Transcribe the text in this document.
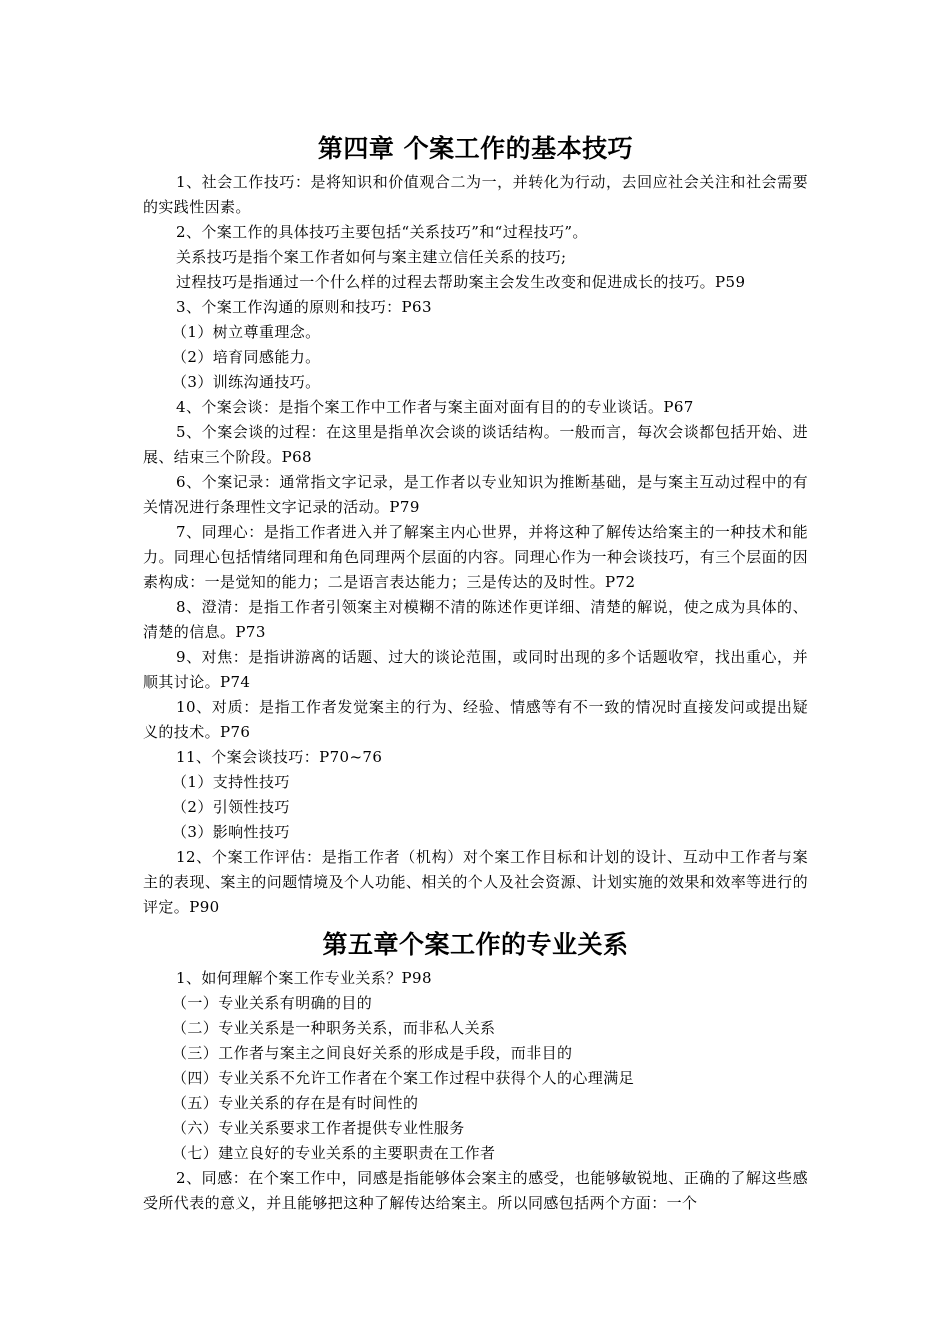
第四章 个案工作的基本技巧

1、社会工作技巧：是将知识和价值观合二为一，并转化为行动，去回应社会关注和社会需要的实践性因素。

2、个案工作的具体技巧主要包括“关系技巧”和“过程技巧”。

关系技巧是指个案工作者如何与案主建立信任关系的技巧;

过程技巧是指通过一个什么样的过程去帮助案主会发生改变和促进成长的技巧。P59

3、个案工作沟通的原则和技巧：P63

（1）树立尊重理念。

（2）培育同感能力。

（3）训练沟通技巧。

4、个案会谈：是指个案工作中工作者与案主面对面有目的的专业谈话。P67

5、个案会谈的过程：在这里是指单次会谈的谈话结构。一般而言，每次会谈都包括开始、进展、结束三个阶段。P68

6、个案记录：通常指文字记录，是工作者以专业知识为推断基础，是与案主互动过程中的有关情况进行条理性文字记录的活动。P79

7、同理心：是指工作者进入并了解案主内心世界，并将这种了解传达给案主的一种技术和能力。同理心包括情绪同理和角色同理两个层面的内容。同理心作为一种会谈技巧，有三个层面的因素构成：一是觉知的能力；二是语言表达能力；三是传达的及时性。P72

8、澄清：是指工作者引领案主对模糊不清的陈述作更详细、清楚的解说，使之成为具体的、清楚的信息。P73

9、对焦：是指讲游离的话题、过大的谈论范围，或同时出现的多个话题收窄，找出重心，并顺其讨论。P74

10、对质：是指工作者发觉案主的行为、经验、情感等有不一致的情况时直接发问或提出疑义的技术。P76

11、个案会谈技巧：P70~76

（1）支持性技巧

（2）引领性技巧

（3）影响性技巧

12、个案工作评估：是指工作者（机构）对个案工作目标和计划的设计、互动中工作者与案主的表现、案主的问题情境及个人功能、相关的个人及社会资源、计划实施的效果和效率等进行的评定。P90

第五章个案工作的专业关系

1、如何理解个案工作专业关系？P98

（一）专业关系有明确的目的

（二）专业关系是一种职务关系，而非私人关系

（三）工作者与案主之间良好关系的形成是手段，而非目的

（四）专业关系不允许工作者在个案工作过程中获得个人的心理满足

（五）专业关系的存在是有时间性的

（六）专业关系要求工作者提供专业性服务

（七）建立良好的专业关系的主要职责在工作者

2、同感：在个案工作中，同感是指能够体会案主的感受，也能够敏锐地、正确的了解这些感受所代表的意义，并且能够把这种了解传达给案主。所以同感包括两个方面：一个
